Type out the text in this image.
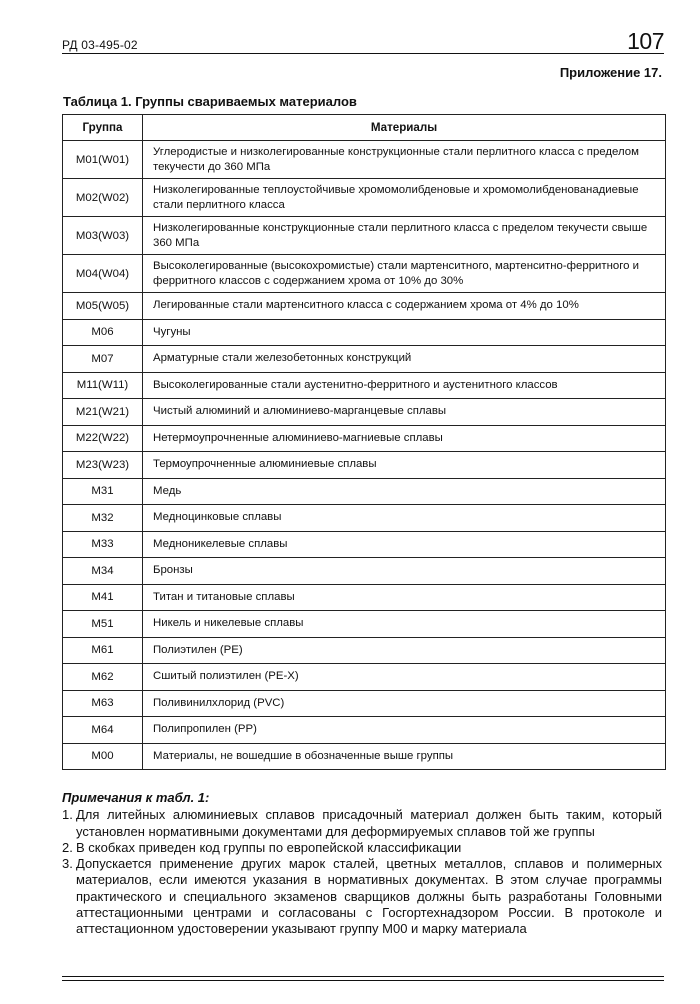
РД 03-495-02	107
Приложение 17.
Таблица 1. Группы свариваемых материалов
Группа	Материалы
M01(W01)	Углеродистые и низколегированные конструкционные стали перлитного класса с пределом текучести до 360 МПа
M02(W02)	Низколегированные теплоустойчивые хромомолибденовые и хромомолибденованадиевые стали перлитного класса
M03(W03)	Низколегированные конструкционные стали перлитного класса с пределом текучести свыше 360 МПа
M04(W04)	Высоколегированные (высокохромистые) стали мартенситного, мартенситно-ферритного и ферритного классов с содержанием хрома от 10% до 30%
M05(W05)	Легированные стали мартенситного класса с содержанием хрома от 4% до 10%
M06	Чугуны
M07	Арматурные стали железобетонных конструкций
M11(W11)	Высоколегированные стали аустенитно-ферритного и аустенитного классов
M21(W21)	Чистый алюминий и алюминиево-марганцевые сплавы
M22(W22)	Нетермоупрочненные алюминиево-магниевые сплавы
M23(W23)	Термоупрочненные алюминиевые сплавы
M31	Медь
M32	Медноцинковые сплавы
M33	Медноникелевые сплавы
M34	Бронзы
M41	Титан и титановые сплавы
M51	Никель и никелевые сплавы
M61	Полиэтилен (PE)
M62	Сшитый полиэтилен (PE-X)
M63	Поливинилхлорид (PVC)
M64	Полипропилен (PP)
M00	Материалы, не вошедшие в обозначенные выше группы
Примечания к табл. 1:
1. Для литейных алюминиевых сплавов присадочный материал должен быть таким, который установлен нормативными документами для деформируемых сплавов той же группы
2. В скобках приведен код группы по европейской классификации
3. Допускается применение других марок сталей, цветных металлов, сплавов и полимерных материалов, если имеются указания в нормативных документах. В этом случае программы практического и специального экзаменов сварщиков должны быть разработаны Головными аттестационными центрами и согласованы с Госгортехнадзором России. В протоколе и аттестационном удостоверении указывают группу M00 и марку материала
